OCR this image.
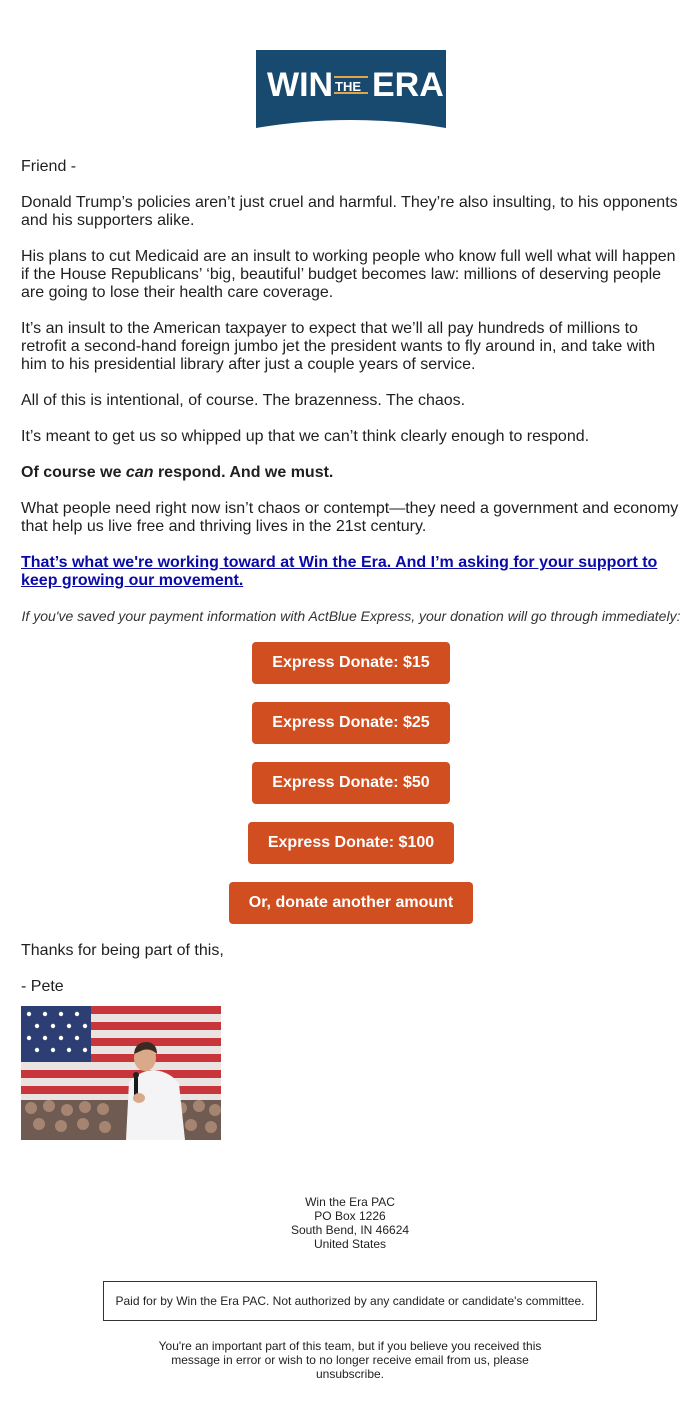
WIN THE ERA

Friend -

Donald Trump’s policies aren’t just cruel and harmful. They’re also insulting, to his opponents and his supporters alike.

His plans to cut Medicaid are an insult to working people who know full well what will happen if the House Republicans’ ‘big, beautiful’ budget becomes law: millions of deserving people are going to lose their health care coverage.

It’s an insult to the American taxpayer to expect that we’ll all pay hundreds of millions to retrofit a second-hand foreign jumbo jet the president wants to fly around in, and take with him to his presidential library after just a couple years of service.

All of this is intentional, of course. The brazenness. The chaos.

It’s meant to get us so whipped up that we can’t think clearly enough to respond.

Of course we can respond. And we must.

What people need right now isn’t chaos or contempt—they need a government and economy that help us live free and thriving lives in the 21st century.

That’s what we're working toward at Win the Era. And I’m asking for your support to keep growing our movement.

If you've saved your payment information with ActBlue Express, your donation will go through immediately:

Express Donate: $15
Express Donate: $25
Express Donate: $50
Express Donate: $100
Or, donate another amount

Thanks for being part of this,

- Pete

Win the Era PAC
PO Box 1226
South Bend, IN 46624
United States
Paid for by Win the Era PAC. Not authorized by any candidate or candidate's committee.
You're an important part of this team, but if you believe you received this message in error or wish to no longer receive email from us, please unsubscribe.
